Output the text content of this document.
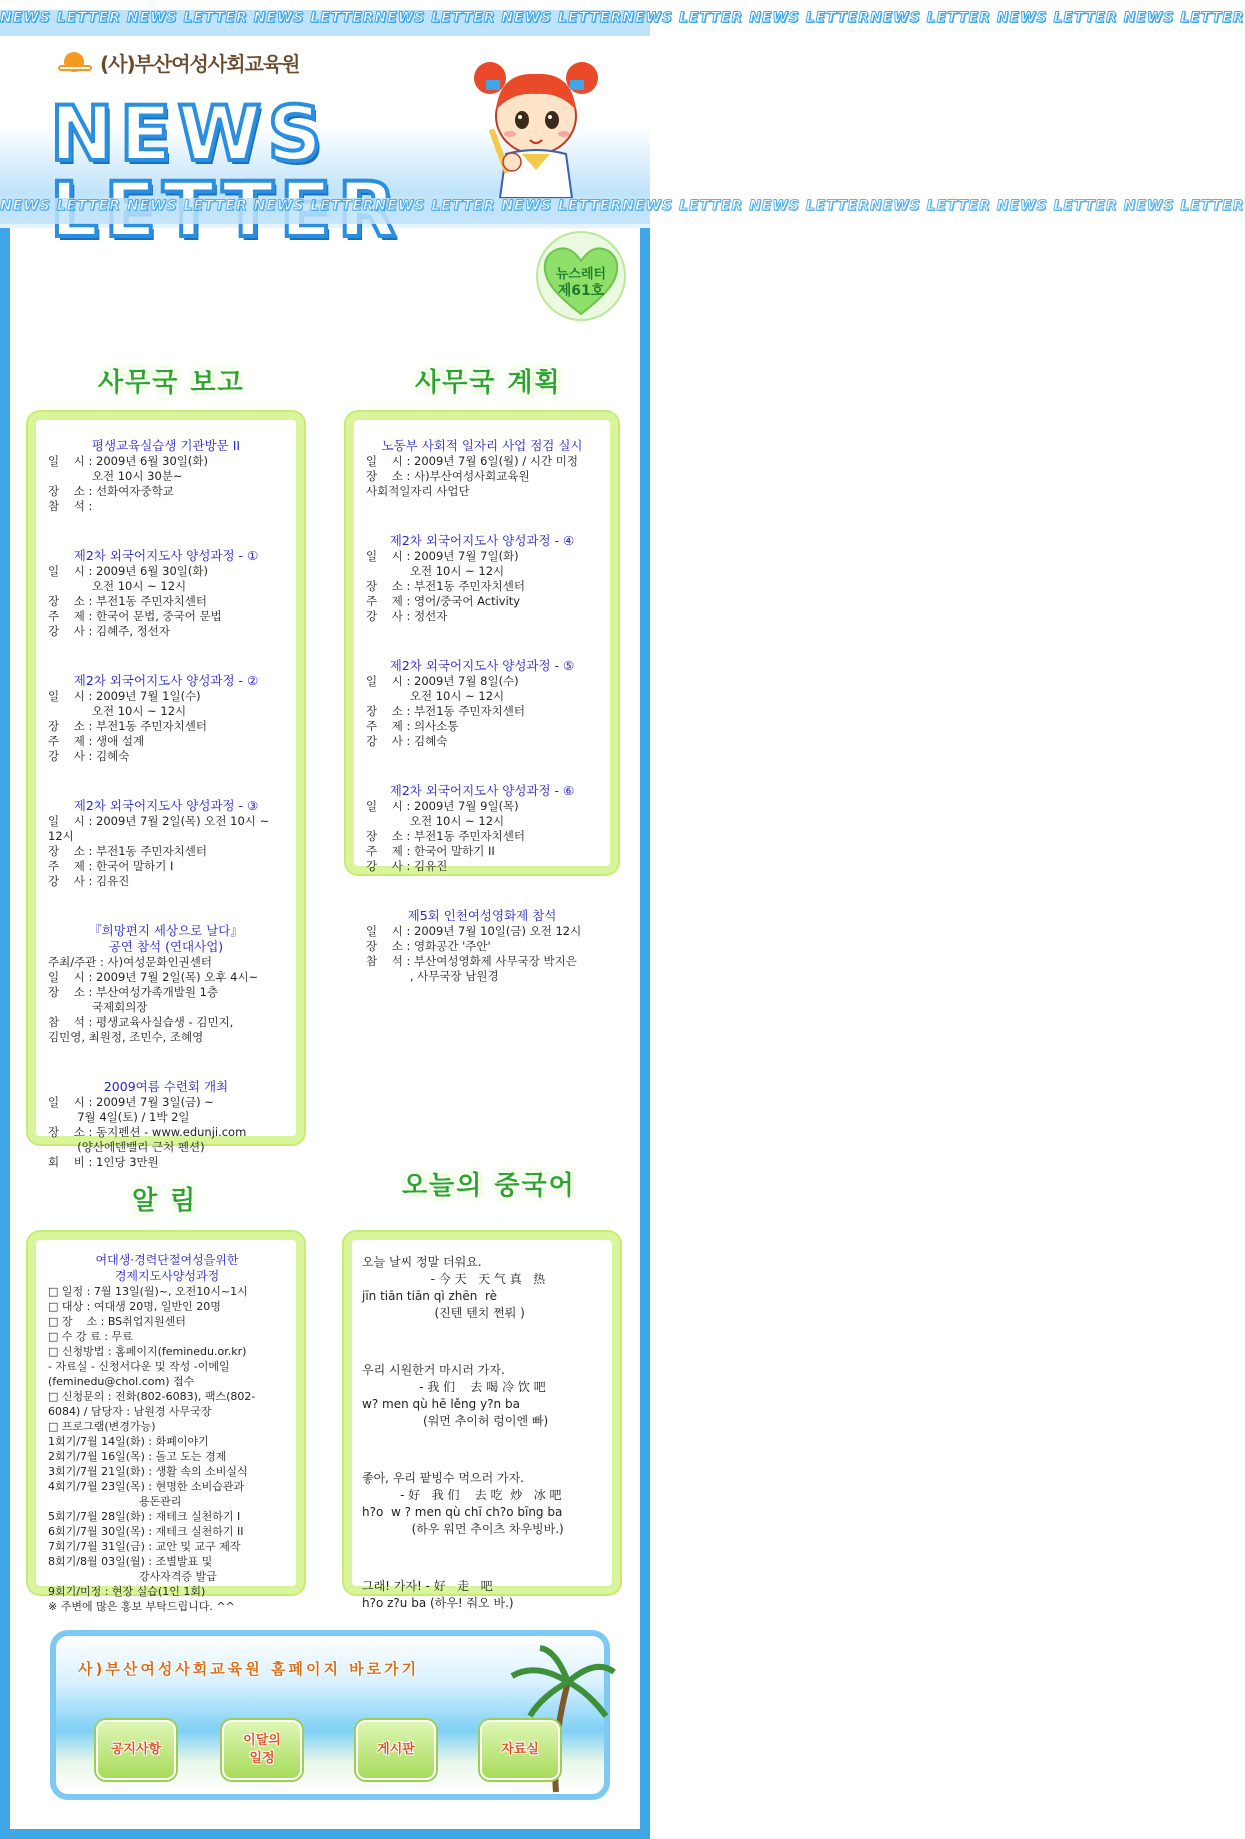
NEWS LETTER NEWS LETTER NEWS LETTERNEWS LETTER NEWS LETTERNEWS LETTER NEWS LETTERNEWS LETTER NEWS LETTER NEWS LETTER
(사)부산여성사회교육원
NEWS
NEWS LETTER NEWS LETTER NEWS LETTERNEWS LETTER NEWS LETTERNEWS LETTER NEWS LETTERNEWS LETTER NEWS LETTER NEWS LETTER
뉴스레터
제61호
사무국 보고	사무국 계획
평생교육실습생 기관방문 II
일    시 : 2009년 6월 30일(화)
오전 10시 30분~
장    소 : 선화여자중학교
참    석 :
제2차 외국어지도사 양성과정 - ①
일    시 : 2009년 6월 30일(화)
오전 10시 ~ 12시
장    소 : 부전1동 주민자치센터
주    제 : 한국어 문법, 중국어 문법
강    사 : 김혜주, 정선자
제2차 외국어지도사 양성과정 - ②
일    시 : 2009년 7월 1일(수)
오전 10시 ~ 12시
장    소 : 부전1동 주민자치센터
주    제 : 생애 설계
강    사 : 김혜숙
제2차 외국어지도사 양성과정 - ③
일    시 : 2009년 7월 2일(목) 오전 10시 ~
12시
장    소 : 부전1동 주민자치센터
주    제 : 한국어 말하기 I
강    사 : 김유진
『희망편지 세상으로 날다』
공연 참석 (연대사업)
주최/주관 : 사)여성문화인권센터
일    시 : 2009년 7월 2일(목) 오후 4시~
장    소 : 부산여성가족개발원 1층
국제회의장
참    석 : 평생교육사실습생 - 김민지,
김민영, 최원정, 조민수, 조혜영
2009여름 수련회 개최
일    시 : 2009년 7월 3일(금) ~
7월 4일(토) / 1박 2일
장    소 : 동지펜션 - www.edunji.com
(양산에덴밸리 근처 펜션)
회    비 : 1인당 3만원
노동부 사회적 일자리 사업 점검 실시
일    시 : 2009년 7월 6일(월) / 시간 미정
장    소 : 사)부산여성사회교육원
사회적일자리 사업단
제2차 외국어지도사 양성과정 - ④
일    시 : 2009년 7월 7일(화)
오전 10시 ~ 12시
장    소 : 부전1동 주민자치센터
주    제 : 영어/중국어 Activity
강    사 : 정선자
제2차 외국어지도사 양성과정 - ⑤
일    시 : 2009년 7월 8일(수)
오전 10시 ~ 12시
장    소 : 부전1동 주민자치센터
주    제 : 의사소통
강    사 : 김혜숙
제2차 외국어지도사 양성과정 - ⑥
일    시 : 2009년 7월 9일(목)
오전 10시 ~ 12시
장    소 : 부전1동 주민자치센터
주    제 : 한국어 말하기 II
강    사 : 김유진
제5회 인천여성영화제 참석
일    시 : 2009년 7월 10일(금) 오전 12시
장    소 : 영화공간 '주안'
참    석 : 부산여성영화제 사무국장 박지은
, 사무국장 남원경
알 림
여대생·경력단절여성을위한
경제지도사양성과정
□ 일정 : 7월 13일(월)~, 오전10시~1시
□ 대상 : 여대생 20명, 일반인 20명
□ 장    소 : BS취업지원센터
□ 수 강 료 : 무료
□ 신청방법 : 홈페이지(feminedu.or.kr)
- 자료실 - 신청서다운 및 작성 -이메일
(feminedu@chol.com) 접수
□ 신청문의 : 전화(802-6083), 팩스(802-
6084) / 담당자 : 남원경 사무국장
□ 프로그램(변경가능)
1회기/7월 14일(화) : 화폐이야기
2회기/7월 16일(목) : 돌고 도는 경제
3회기/7월 21일(화) : 생활 속의 소비실식
4회기/7월 23일(목) : 현명한 소비습관과
용돈관리
5회기/7월 28일(화) : 재테크 실천하기 I
6회기/7월 30일(목) : 재테크 실천하기 II
7회기/7월 31일(금) : 교안 및 교구 제작
8회기/8월 03일(월) : 조별발표 및
강사자격증 발급
9회기/미정 : 현장 실습(1인 1회)
※ 주변에 많은 홍보 부탁드립니다. ^^
오늘의 중국어
오늘 날씨 정말 더워요.
- 今 天   天 气 真   热
jīn tiān tiān qì zhēn  rè
(진텐 텐치 쩐뤄 )
우리 시원한거 마시러 가자.
- 我 们    去 喝 冷 饮 吧
w? men qù hē lěng y?n ba
(워먼 추이허 렁이엔 빠)
좋아, 우리 팥빙수 먹으러 가자.
- 好   我 们    去 吃  炒   冰 吧
h?o  w ? men qù chī ch?o bīng ba
(하우 워먼 추이츠 차우빙바.)
그래! 가자! - 好   走   吧
h?o z?u ba (하우! 줘오 바.)
사)부산여성사회교육원 홈페이지 바로가기
공지사항
이달의
일정
게시판	자료실
